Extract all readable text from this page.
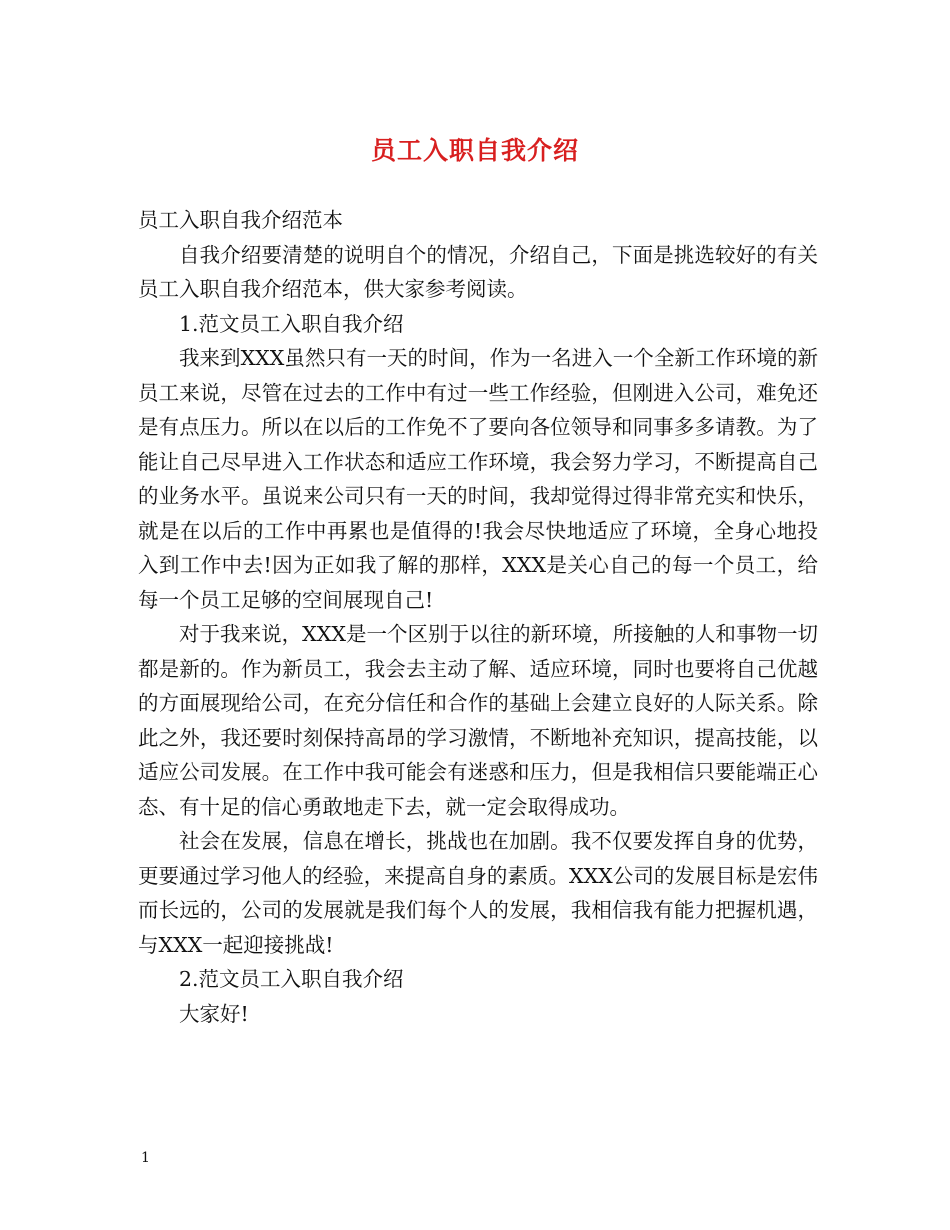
员工入职自我介绍

员工入职自我介绍范本

自我介绍要清楚的说明自个的情况，介绍自己，下面是挑选较好的有关员工入职自我介绍范本，供大家参考阅读。

1.范文员工入职自我介绍

我来到XXX虽然只有一天的时间，作为一名进入一个全新工作环境的新员工来说，尽管在过去的工作中有过一些工作经验，但刚进入公司，难免还是有点压力。所以在以后的工作免不了要向各位领导和同事多多请教。为了能让自己尽早进入工作状态和适应工作环境，我会努力学习，不断提高自己的业务水平。虽说来公司只有一天的时间，我却觉得过得非常充实和快乐，就是在以后的工作中再累也是值得的!我会尽快地适应了环境，全身心地投入到工作中去!因为正如我了解的那样，XXX是关心自己的每一个员工，给每一个员工足够的空间展现自己!

对于我来说，XXX是一个区别于以往的新环境，所接触的人和事物一切都是新的。作为新员工，我会去主动了解、适应环境，同时也要将自己优越的方面展现给公司，在充分信任和合作的基础上会建立良好的人际关系。除此之外，我还要时刻保持高昂的学习激情，不断地补充知识，提高技能，以适应公司发展。在工作中我可能会有迷惑和压力，但是我相信只要能端正心态、有十足的信心勇敢地走下去，就一定会取得成功。

社会在发展，信息在增长，挑战也在加剧。我不仅要发挥自身的优势，更要通过学习他人的经验，来提高自身的素质。XXX公司的发展目标是宏伟而长远的，公司的发展就是我们每个人的发展，我相信我有能力把握机遇，与XXX一起迎接挑战!

2.范文员工入职自我介绍

大家好!

1
